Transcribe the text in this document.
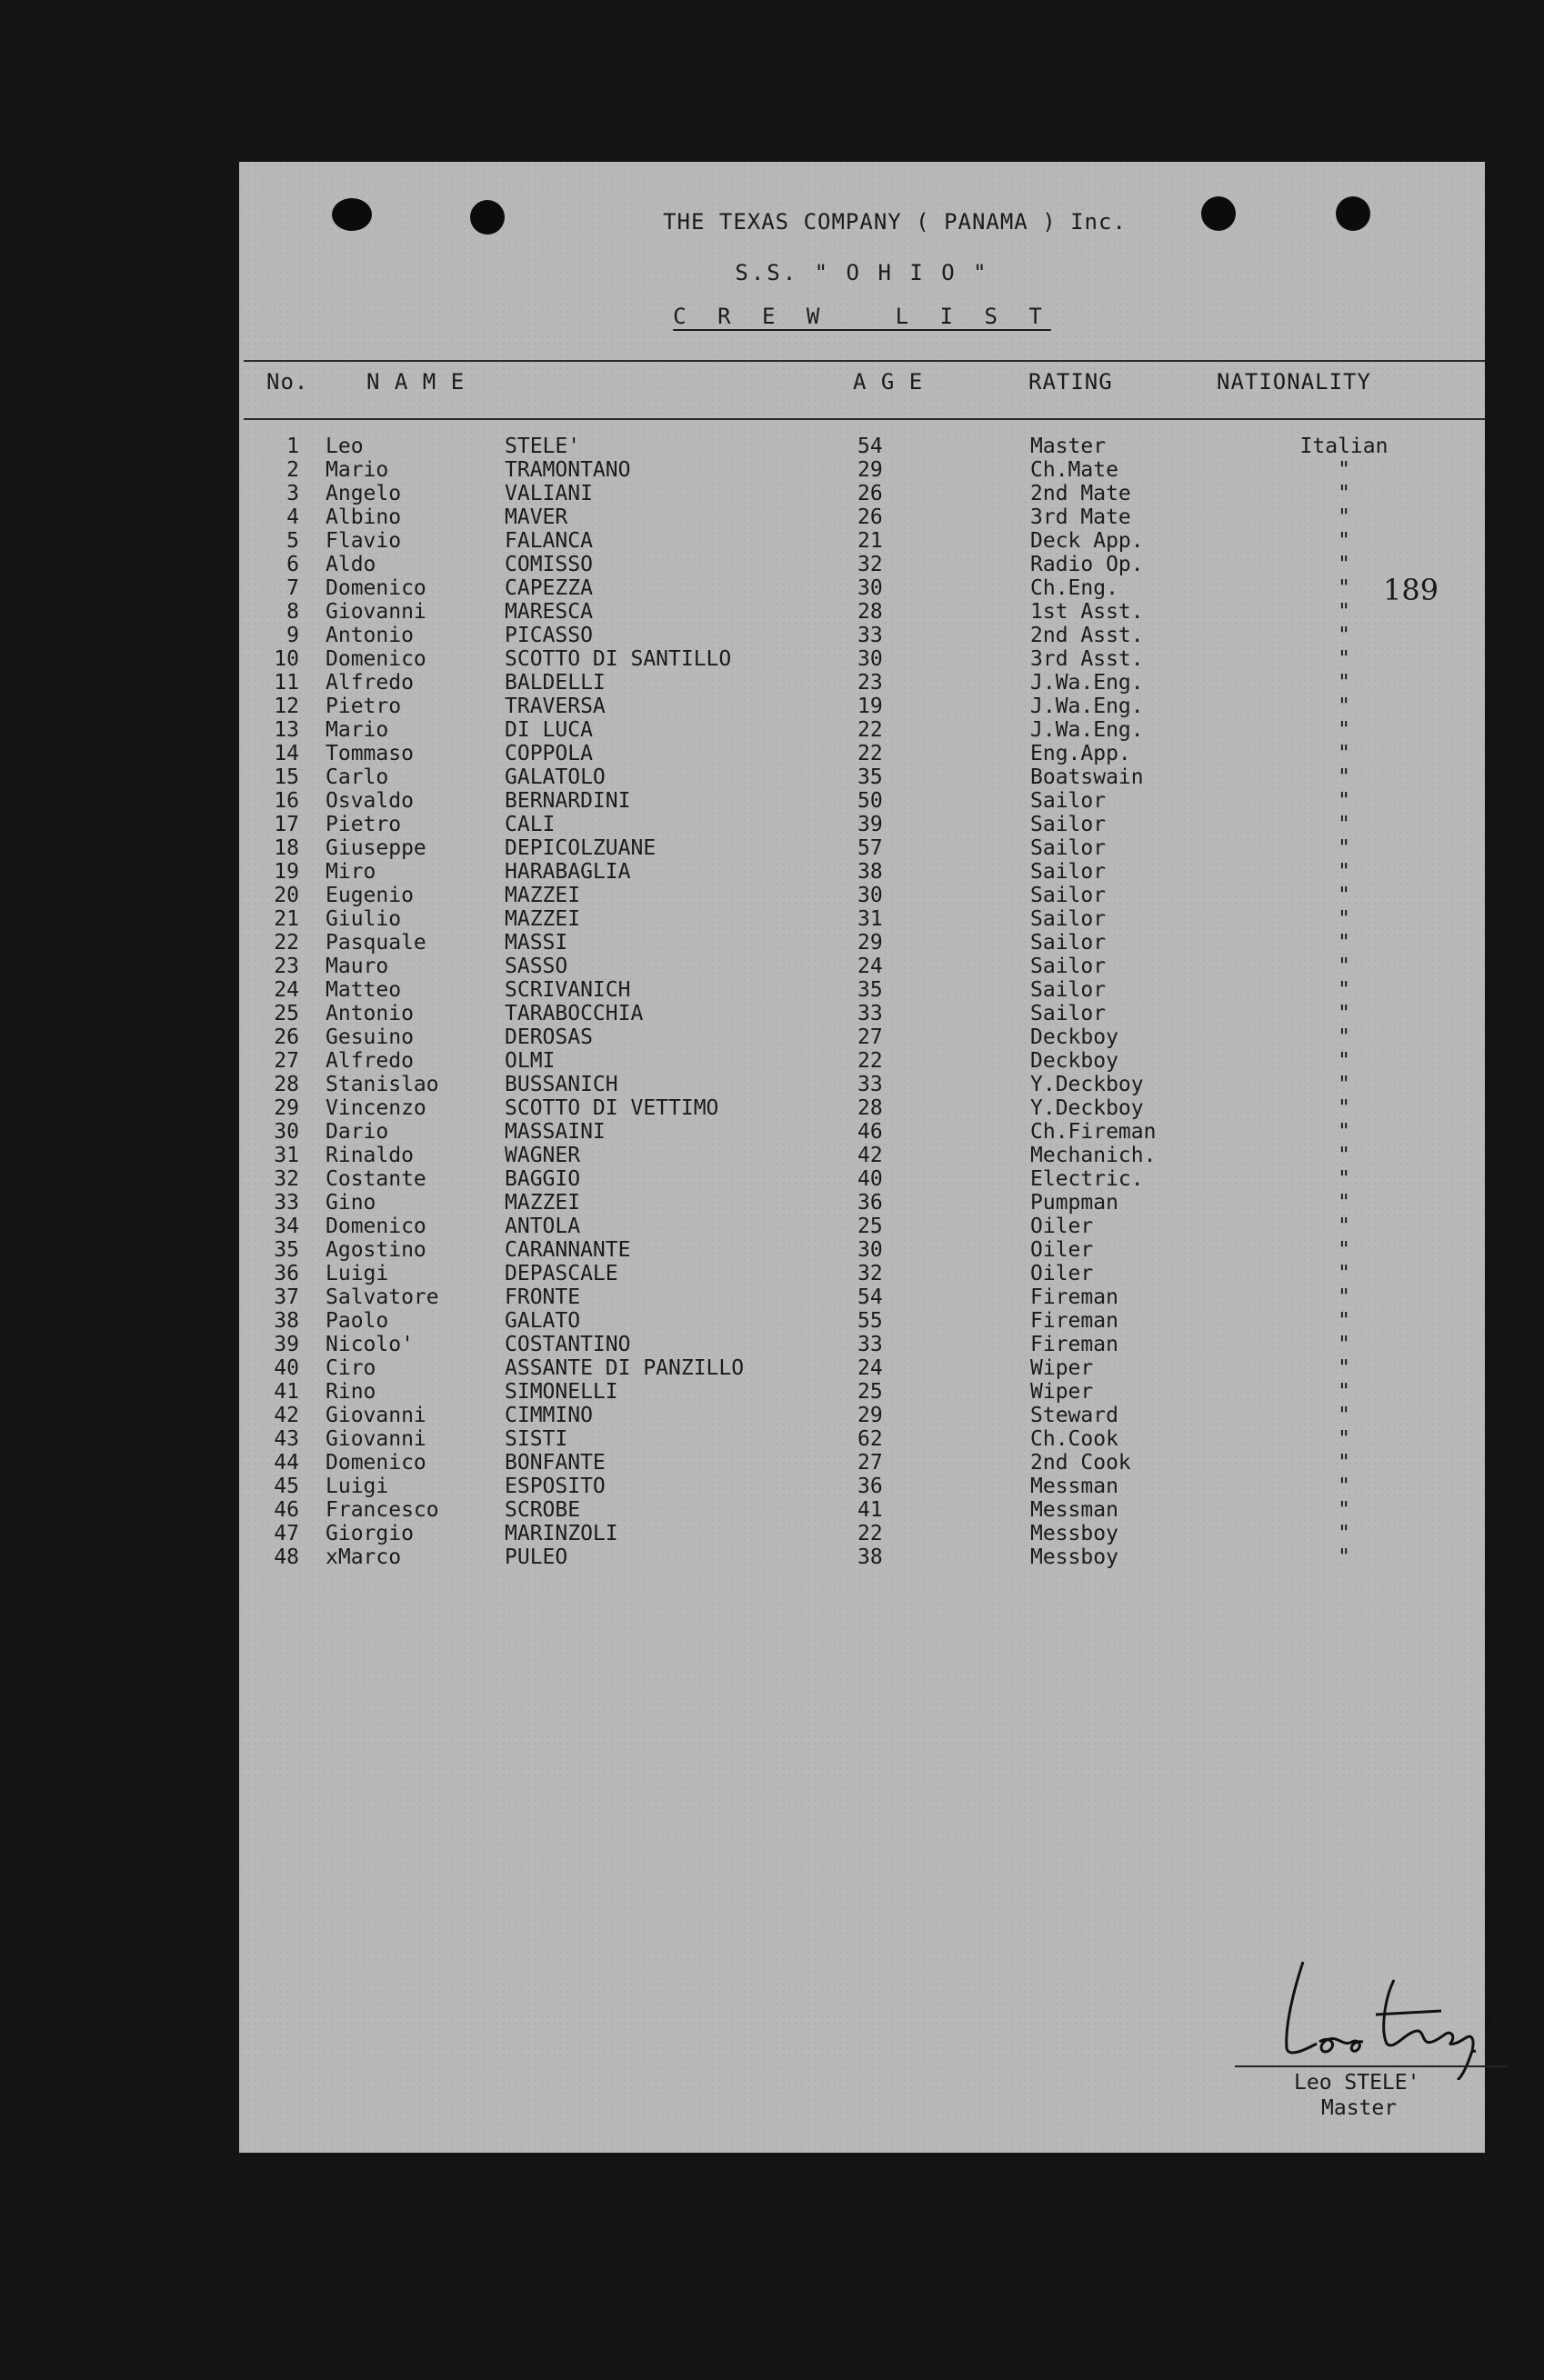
THE TEXAS COMPANY ( PANAMA ) Inc.
S.S. " O H I O "
C R E W   L I S T
No.	N A M E	A G E	RATING	NATIONALITY
1 Leo	STELE'	54	Master	Italian
2 Mario	TRAMONTANO	29	Ch.Mate	"
3 Angelo	VALIANI	26	2nd Mate	"
4 Albino	MAVER	26	3rd Mate	"
5 Flavio	FALANCA	21	Deck App.	"
6 Aldo	COMISSO	32	Radio Op.	"
7 Domenico	CAPEZZA	30	Ch.Eng.	"
8 Giovanni	MARESCA	28	1st Asst.	"
9 Antonio	PICASSO	33	2nd Asst.	"
10 Domenico	SCOTTO DI SANTILLO	30	3rd Asst.	"
11 Alfredo	BALDELLI	23	J.Wa.Eng.	"
12 Pietro	TRAVERSA	19	J.Wa.Eng.	"
13 Mario	DI LUCA	22	J.Wa.Eng.	"
14 Tommaso	COPPOLA	22	Eng.App.	"
15 Carlo	GALATOLO	35	Boatswain	"
16 Osvaldo	BERNARDINI	50	Sailor	"
17 Pietro	CALI	39	Sailor	"
18 Giuseppe	DEPICOLZUANE	57	Sailor	"
19 Miro	HARABAGLIA	38	Sailor	"
20 Eugenio	MAZZEI	30	Sailor	"
21 Giulio	MAZZEI	31	Sailor	"
22 Pasquale	MASSI	29	Sailor	"
23 Mauro	SASSO	24	Sailor	"
24 Matteo	SCRIVANICH	35	Sailor	"
25 Antonio	TARABOCCHIA	33	Sailor	"
26 Gesuino	DEROSAS	27	Deckboy	"
27 Alfredo	OLMI	22	Deckboy	"
28 Stanislao	BUSSANICH	33	Y.Deckboy	"
29 Vincenzo	SCOTTO DI VETTIMO	28	Y.Deckboy	"
30 Dario	MASSAINI	46	Ch.Fireman	"
31 Rinaldo	WAGNER	42	Mechanich.	"
32 Costante	BAGGIO	40	Electric.	"
33 Gino	MAZZEI	36	Pumpman	"
34 Domenico	ANTOLA	25	Oiler	"
35 Agostino	CARANNANTE	30	Oiler	"
36 Luigi	DEPASCALE	32	Oiler	"
37 Salvatore	FRONTE	54	Fireman	"
38 Paolo	GALATO	55	Fireman	"
39 Nicolo'	COSTANTINO	33	Fireman	"
40 Ciro	ASSANTE DI PANZILLO	24	Wiper	"
41 Rino	SIMONELLI	25	Wiper	"
42 Giovanni	CIMMINO	29	Steward	"
43 Giovanni	SISTI	62	Ch.Cook	"
44 Domenico	BONFANTE	27	2nd Cook	"
45 Luigi	ESPOSITO	36	Messman	"
46 Francesco	SCROBE	41	Messman	"
47 Giorgio	MARINZOLI	22	Messboy	"
48 xMarco	PULEO	38	Messboy	"
189
Leo STELE'
Master
